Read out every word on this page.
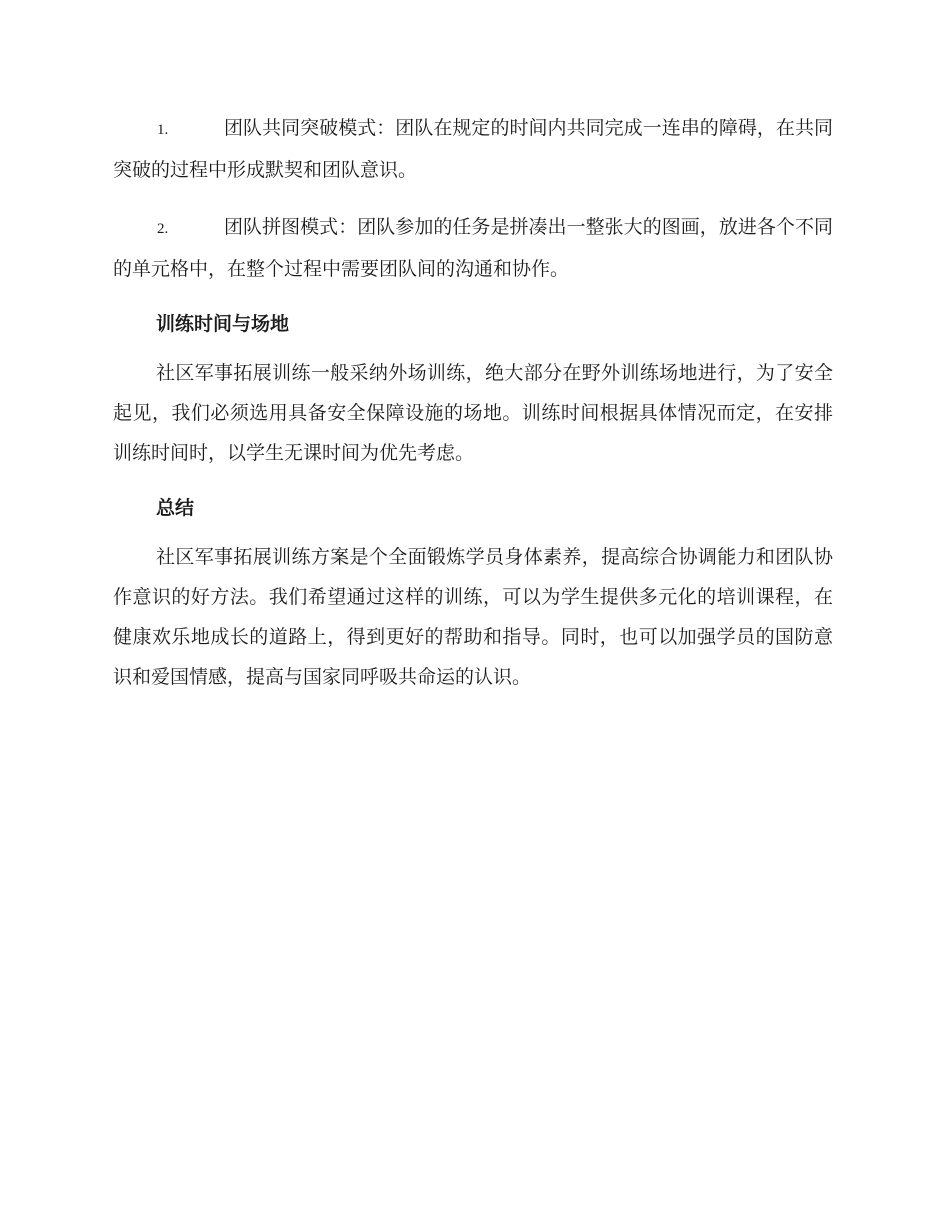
1.	团队共同突破模式：团队在规定的时间内共同完成一连串的障碍，在共同突破的过程中形成默契和团队意识。
2.	团队拼图模式：团队参加的任务是拼凑出一整张大的图画，放进各个不同的单元格中，在整个过程中需要团队间的沟通和协作。
训练时间与场地

社区军事拓展训练一般采纳外场训练，绝大部分在野外训练场地进行，为了安全起见，我们必须选用具备安全保障设施的场地。训练时间根据具体情况而定，在安排训练时间时，以学生无课时间为优先考虑。

总结

社区军事拓展训练方案是个全面锻炼学员身体素养，提高综合协调能力和团队协作意识的好方法。我们希望通过这样的训练，可以为学生提供多元化的培训课程，在健康欢乐地成长的道路上，得到更好的帮助和指导。同时，也可以加强学员的国防意识和爱国情感，提高与国家同呼吸共命运的认识。
